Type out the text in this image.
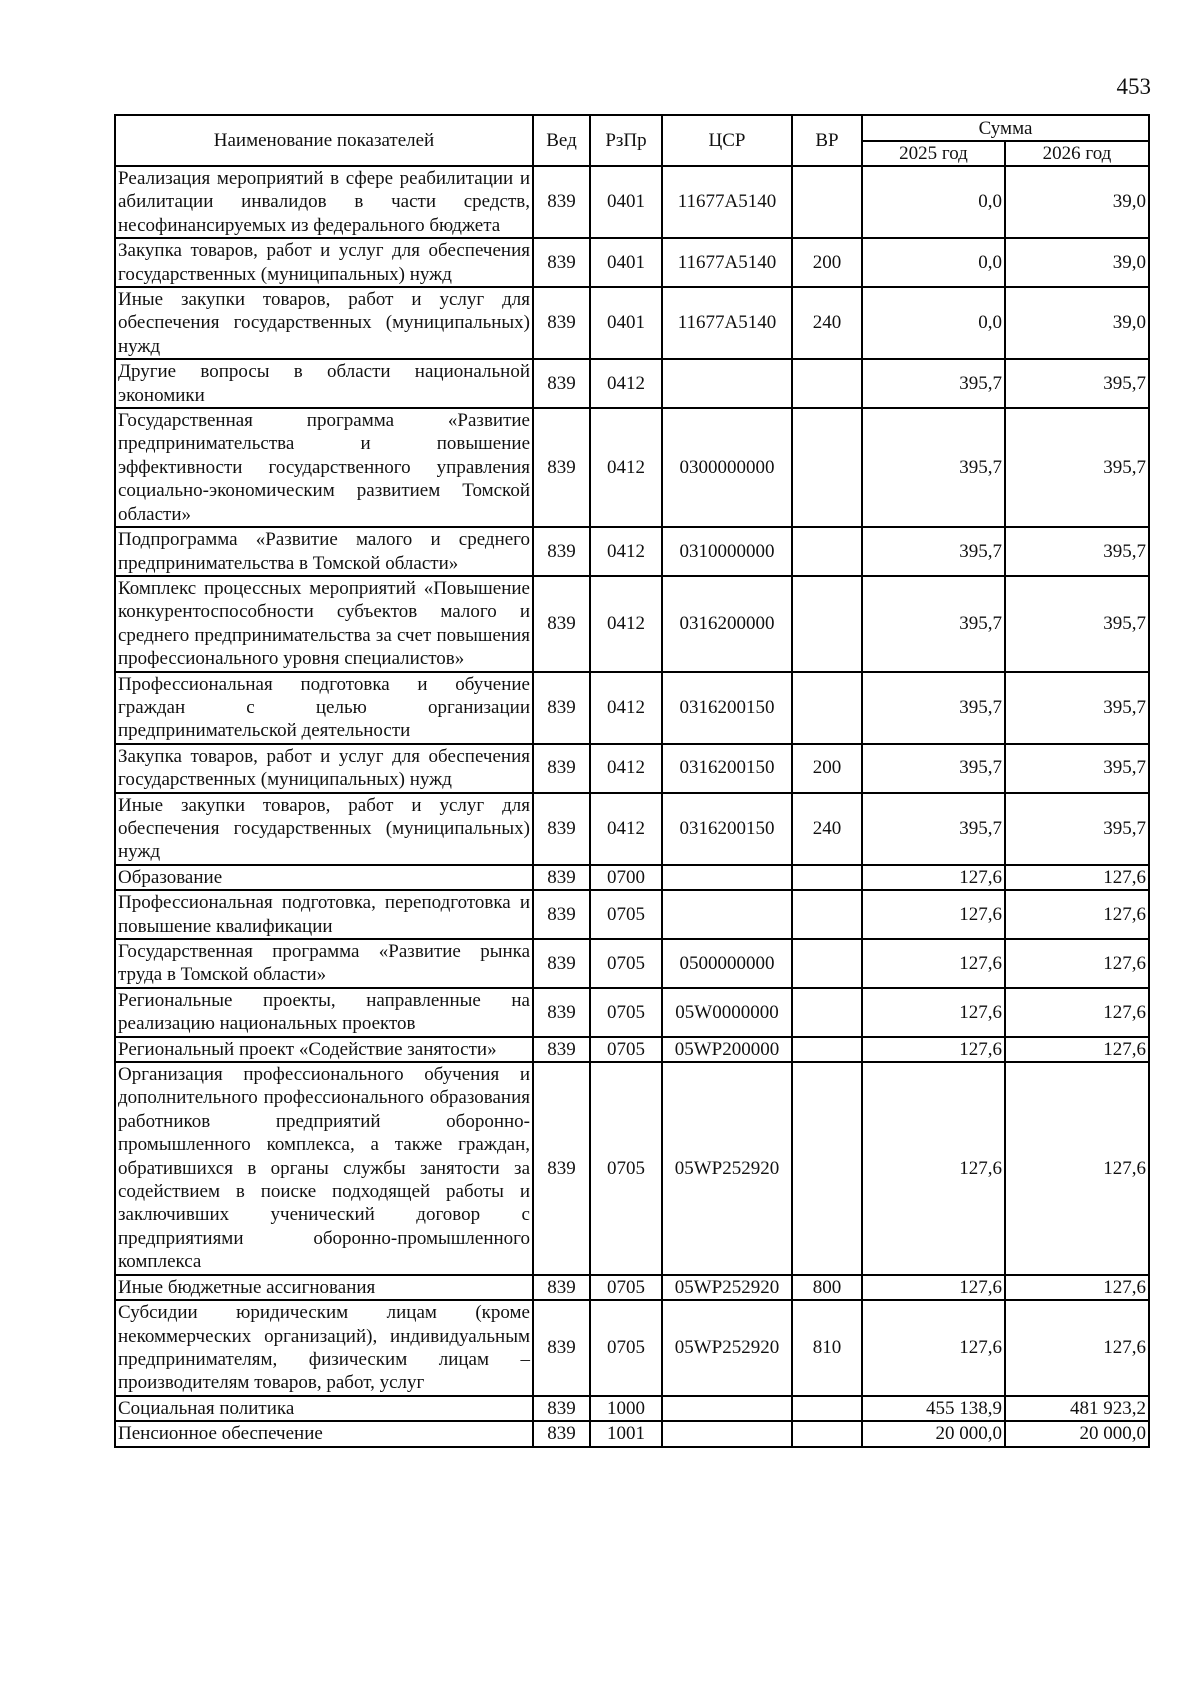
453
Наименование показателей	Вед	РзПр	ЦСР	ВР	Сумма	
					2025 год	2026 год
Реализация мероприятий в сфере реабилитации и абилитации инвалидов в части средств, несофинансируемых из федерального бюджета	839	0401	11677A5140		0,0	39,0
Закупка товаров, работ и услуг для обеспечения государственных (муниципальных) нужд	839	0401	11677A5140	200	0,0	39,0
Иные закупки товаров, работ и услуг для обеспечения государственных (муниципальных) нужд	839	0401	11677A5140	240	0,0	39,0
Другие вопросы в области национальной экономики	839	0412			395,7	395,7
Государственная программа «Развитие предпринимательства и повышение эффективности государственного управления социально-экономическим развитием Томской области»	839	0412	0300000000		395,7	395,7
Подпрограмма «Развитие малого и среднего предпринимательства в Томской области»	839	0412	0310000000		395,7	395,7
Комплекс процессных мероприятий «Повышение конкурентоспособности субъектов малого и среднего предпринимательства за счет повышения профессионального уровня специалистов»	839	0412	0316200000		395,7	395,7
Профессиональная подготовка и обучение граждан с целью организации предпринимательской деятельности	839	0412	0316200150		395,7	395,7
Закупка товаров, работ и услуг для обеспечения государственных (муниципальных) нужд	839	0412	0316200150	200	395,7	395,7
Иные закупки товаров, работ и услуг для обеспечения государственных (муниципальных) нужд	839	0412	0316200150	240	395,7	395,7
Образование	839	0700			127,6	127,6
Профессиональная подготовка, переподготовка и повышение квалификации	839	0705			127,6	127,6
Государственная программа «Развитие рынка труда в Томской области»	839	0705	0500000000		127,6	127,6
Региональные проекты, направленные на реализацию национальных проектов	839	0705	05W0000000		127,6	127,6
Региональный проект «Содействие занятости»	839	0705	05WP200000		127,6	127,6
Организация профессионального обучения и дополнительного профессионального образования работников предприятий оборонно-промышленного комплекса, а также граждан, обратившихся в органы службы занятости за содействием в поиске подходящей работы и заключивших ученический договор с предприятиями оборонно-промышленного комплекса	839	0705	05WP252920		127,6	127,6
Иные бюджетные ассигнования	839	0705	05WP252920	800	127,6	127,6
Субсидии юридическим лицам (кроме некоммерческих организаций), индивидуальным предпринимателям, физическим лицам – производителям товаров, работ, услуг	839	0705	05WP252920	810	127,6	127,6
Социальная политика	839	1000			455 138,9	481 923,2
Пенсионное обеспечение	839	1001			20 000,0	20 000,0
